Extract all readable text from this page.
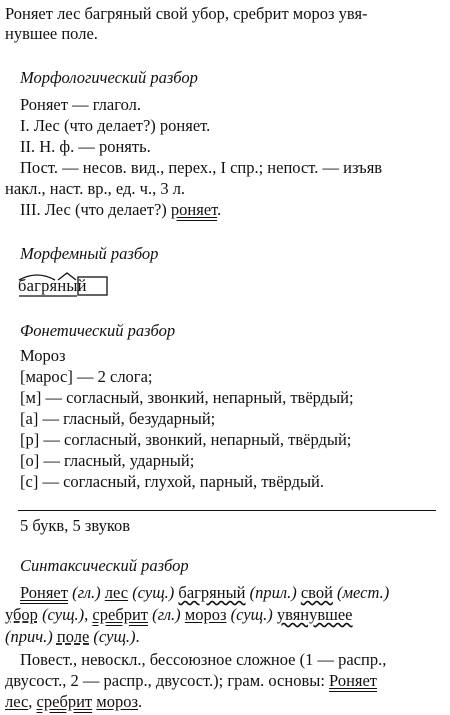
Роняет лес багряный свой убор, сребрит мороз увя-
нувшее поле.
Морфологический разбор
Роняет — глагол.
I. Лес (что делает?) роняет.
II. Н. ф. — ронять.
Пост. — несов. вид., перех., I спр.; непост. — изъяв
накл., наст. вр., ед. ч., 3 л.
III. Лес (что делает?) роняет.
Морфемный разбор
багряный
Фонетический разбор
Мороз
[марос] — 2 слога;
[м] — согласный, звонкий, непарный, твёрдый;
[а] — гласный, безударный;
[р] — согласный, звонкий, непарный, твёрдый;
[о] — гласный, ударный;
[с] — согласный, глухой, парный, твёрдый.
5 букв, 5 звуков
Синтаксический разбор
Роняет (гл.) лес (сущ.) багряный (прил.) свой (мест.)
убор (сущ.), сребрит (гл.) мороз (сущ.) увянувшее
(прич.) поле (сущ.).
Повест., невоскл., бессоюзное сложное (1 — распр.,
двусост., 2 — распр., двусост.); грам. основы: Роняет
лес, сребрит мороз.
